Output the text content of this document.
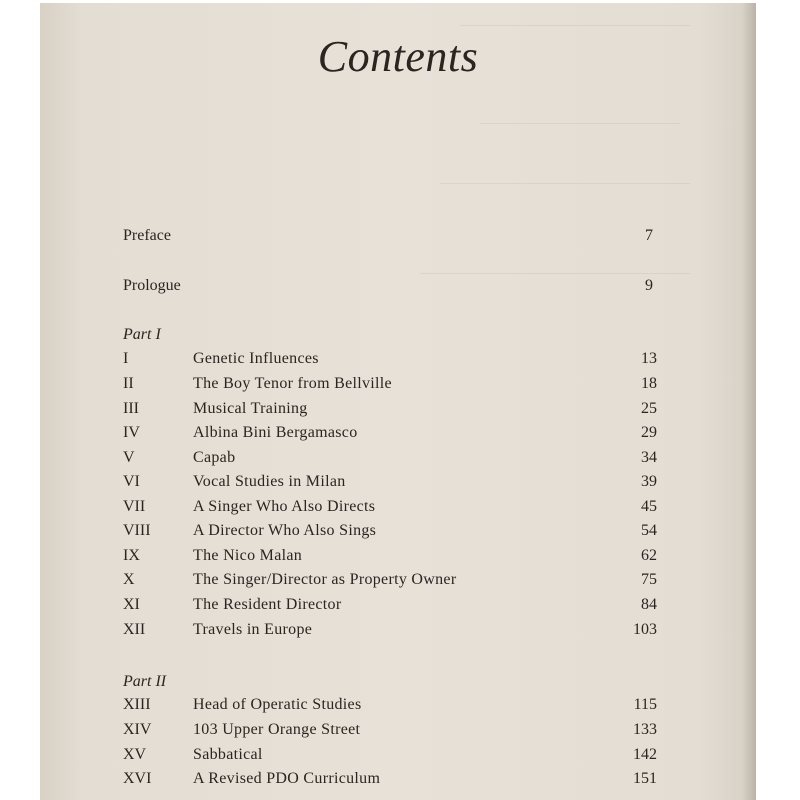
Contents
Preface	7
Prologue	9
Part I
I	Genetic Influences	13
II	The Boy Tenor from Bellville	18
III	Musical Training	25
IV	Albina Bini Bergamasco	29
V	Capab	34
VI	Vocal Studies in Milan	39
VII	A Singer Who Also Directs	45
VIII	A Director Who Also Sings	54
IX	The Nico Malan	62
X	The Singer/Director as Property Owner	75
XI	The Resident Director	84
XII	Travels in Europe	103
Part II
XIII	Head of Operatic Studies	115
XIV	103 Upper Orange Street	133
XV	Sabbatical	142
XVI	A Revised PDO Curriculum	151
